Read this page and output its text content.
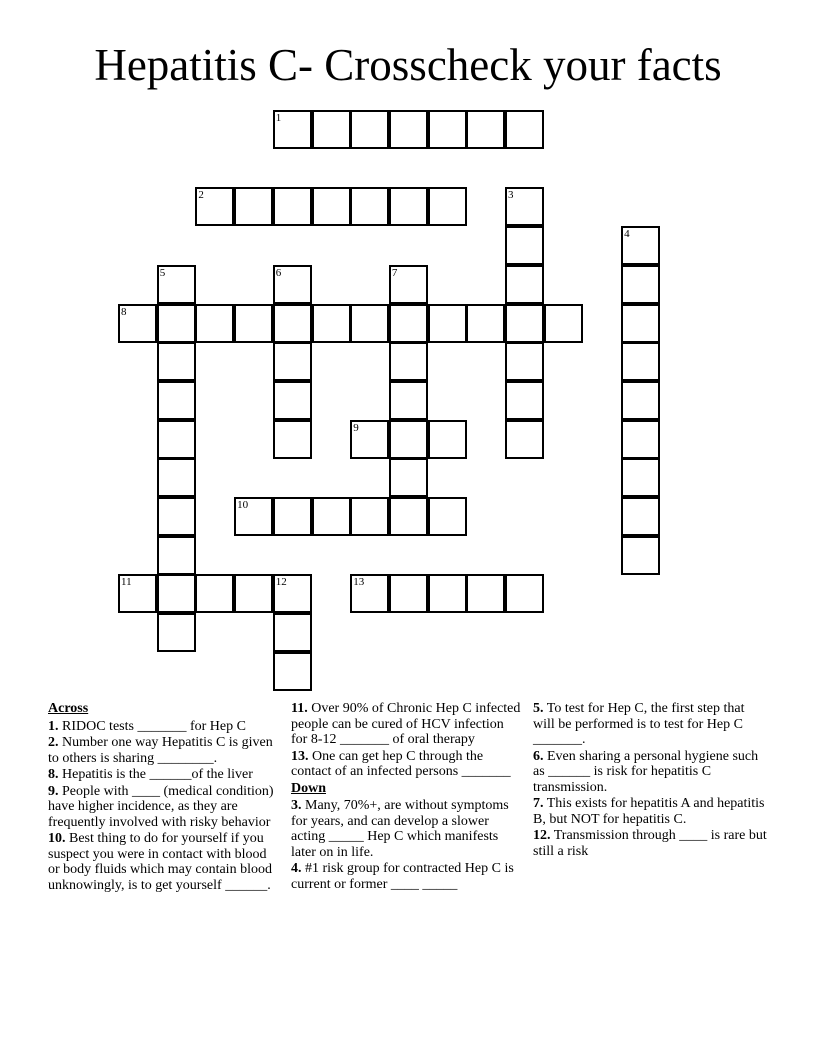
Hepatitis C- Crosscheck your facts
1
2	3
4
5	6	7
8
9
10
11	12	13
Across
1. RIDOC tests _______ for Hep C
2. Number one way Hepatitis C is given to others is sharing ________.
8. Hepatitis is the ______of the liver
9. People with ____ (medical condition) have higher incidence, as they are frequently involved with risky behavior
10. Best thing to do for yourself if you suspect you were in contact with blood or body fluids which may contain blood unknowingly, is to get yourself ______.
11. Over 90% of Chronic Hep C infected people can be cured of HCV infection for 8-12 _______ of oral therapy
13. One can get hep C through the contact of an infected persons _______
Down
3. Many, 70%+, are without symptoms for years, and can develop a slower acting _____ Hep C which manifests later on in life.
4. #1 risk group for contracted Hep C is current or former ____ _____
5. To test for Hep C, the first step that will be performed is to test for Hep C _______.
6. Even sharing a personal hygiene such as ______ is risk for hepatitis C transmission.
7. This exists for hepatitis A and hepatitis B, but NOT for hepatitis C.
12. Transmission through ____ is rare but still a risk
